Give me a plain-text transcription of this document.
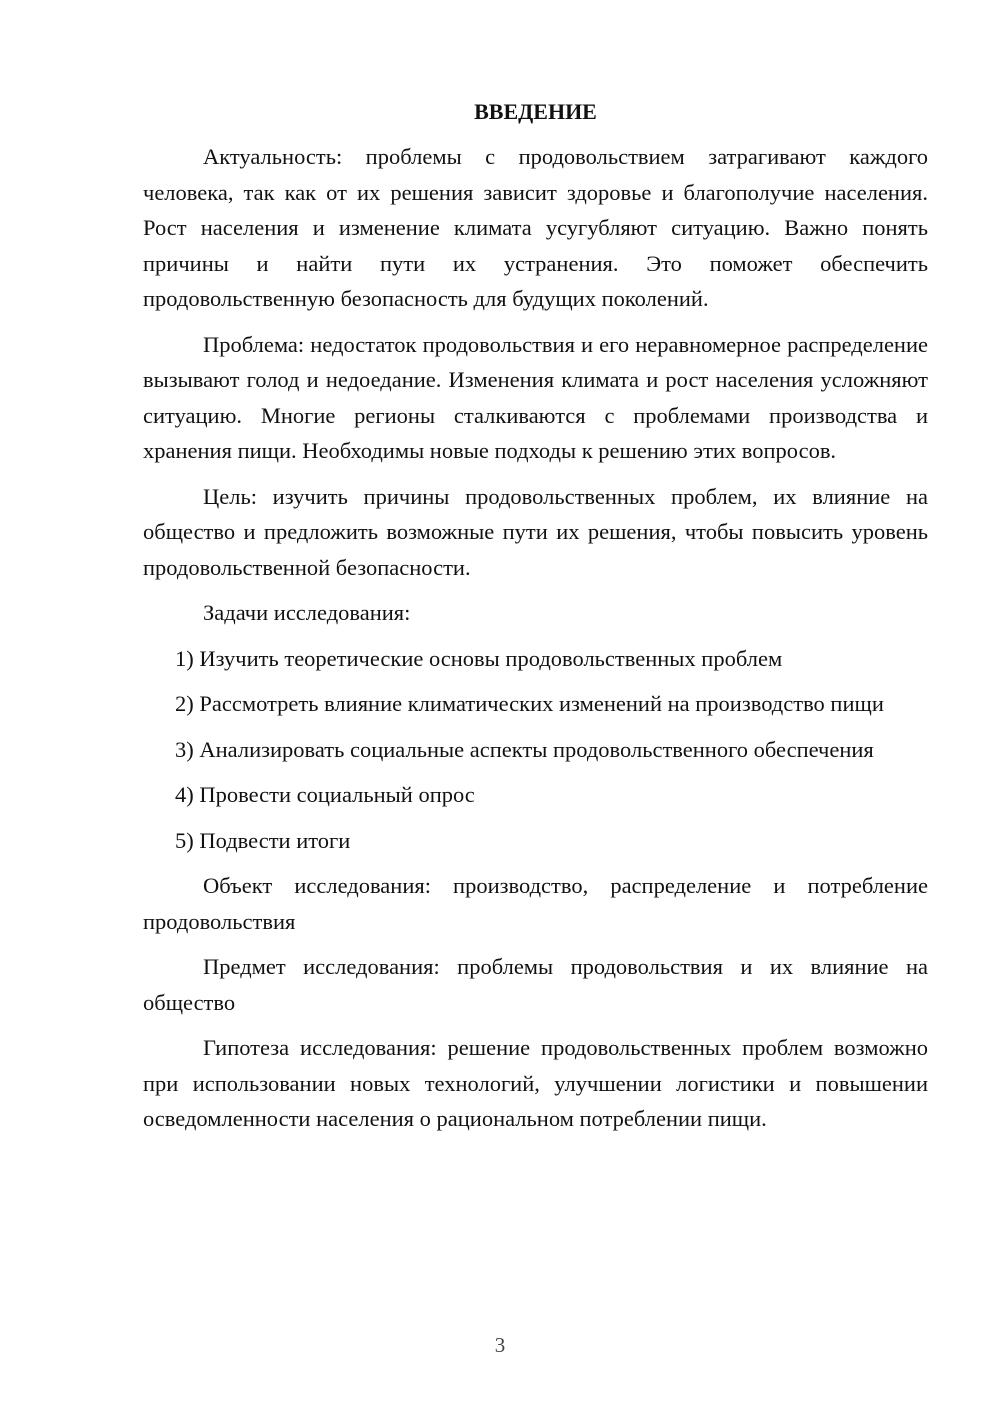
ВВЕДЕНИЕ

Актуальность: проблемы с продовольствием затрагивают каждого человека, так как от их решения зависит здоровье и благополучие населения. Рост населения и изменение климата усугубляют ситуацию. Важно понять причины и найти пути их устранения. Это поможет обеспечить продовольственную безопасность для будущих поколений.

Проблема: недостаток продовольствия и его неравномерное распределение вызывают голод и недоедание. Изменения климата и рост населения усложняют ситуацию. Многие регионы сталкиваются с проблемами производства и хранения пищи. Необходимы новые подходы к решению этих вопросов.

Цель: изучить причины продовольственных проблем, их влияние на общество и предложить возможные пути их решения, чтобы повысить уровень продовольственной безопасности.

Задачи исследования:

1) Изучить теоретические основы продовольственных проблем

2) Рассмотреть влияние климатических изменений на производство пищи

3) Анализировать социальные аспекты продовольственного обеспечения

4) Провести социальный опрос

5) Подвести итоги

Объект исследования: производство, распределение и потребление продовольствия

Предмет исследования: проблемы продовольствия и их влияние на общество

Гипотеза исследования: решение продовольственных проблем возможно при использовании новых технологий, улучшении логистики и повышении осведомленности населения о рациональном потреблении пищи.

3
